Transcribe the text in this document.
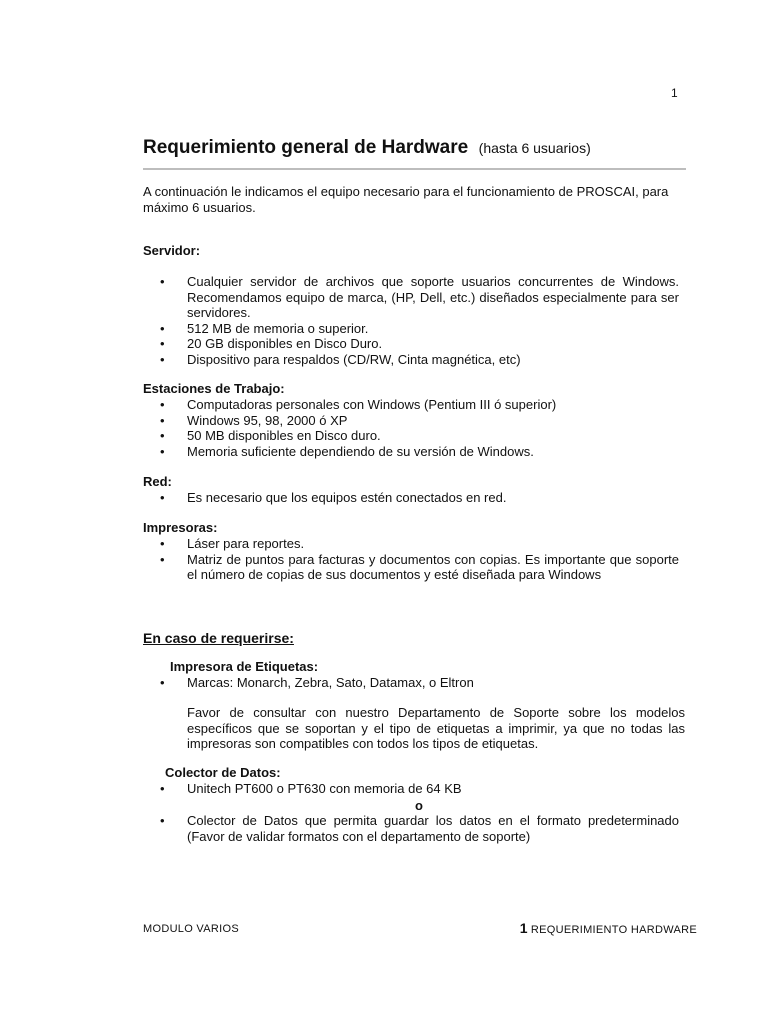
1
Requerimiento general de Hardware (hasta 6 usuarios)
A continuación le indicamos el equipo necesario para el funcionamiento de PROSCAI, para máximo 6 usuarios.
Servidor:
• Cualquier servidor de archivos que soporte usuarios concurrentes de Windows. Recomendamos equipo de marca, (HP, Dell, etc.) diseñados especialmente para ser servidores.
• 512 MB de memoria o superior.
• 20 GB disponibles en Disco Duro.
• Dispositivo para respaldos (CD/RW, Cinta magnética, etc)
Estaciones de Trabajo:
• Computadoras personales con Windows (Pentium III ó superior)
• Windows 95, 98, 2000 ó XP
• 50 MB disponibles en Disco duro.
• Memoria suficiente dependiendo de su versión de Windows.
Red:
• Es necesario que los equipos estén conectados en red.
Impresoras:
• Láser para reportes.
• Matriz de puntos para facturas y documentos con copias. Es importante que soporte el número de copias de sus documentos y esté diseñada para Windows
En caso de requerirse:
Impresora de Etiquetas:
• Marcas: Monarch, Zebra, Sato, Datamax, o Eltron
Favor de consultar con nuestro Departamento de Soporte sobre los modelos específicos que se soportan y el tipo de etiquetas a imprimir, ya que no todas las impresoras son compatibles con todos los tipos de etiquetas.
Colector de Datos:
• Unitech PT600 o PT630 con memoria de 64 KB
o
• Colector de Datos que permita guardar los datos en el formato predeterminado (Favor de validar formatos con el departamento de soporte)
MODULO VARIOS	1 REQUERIMIENTO HARDWARE
